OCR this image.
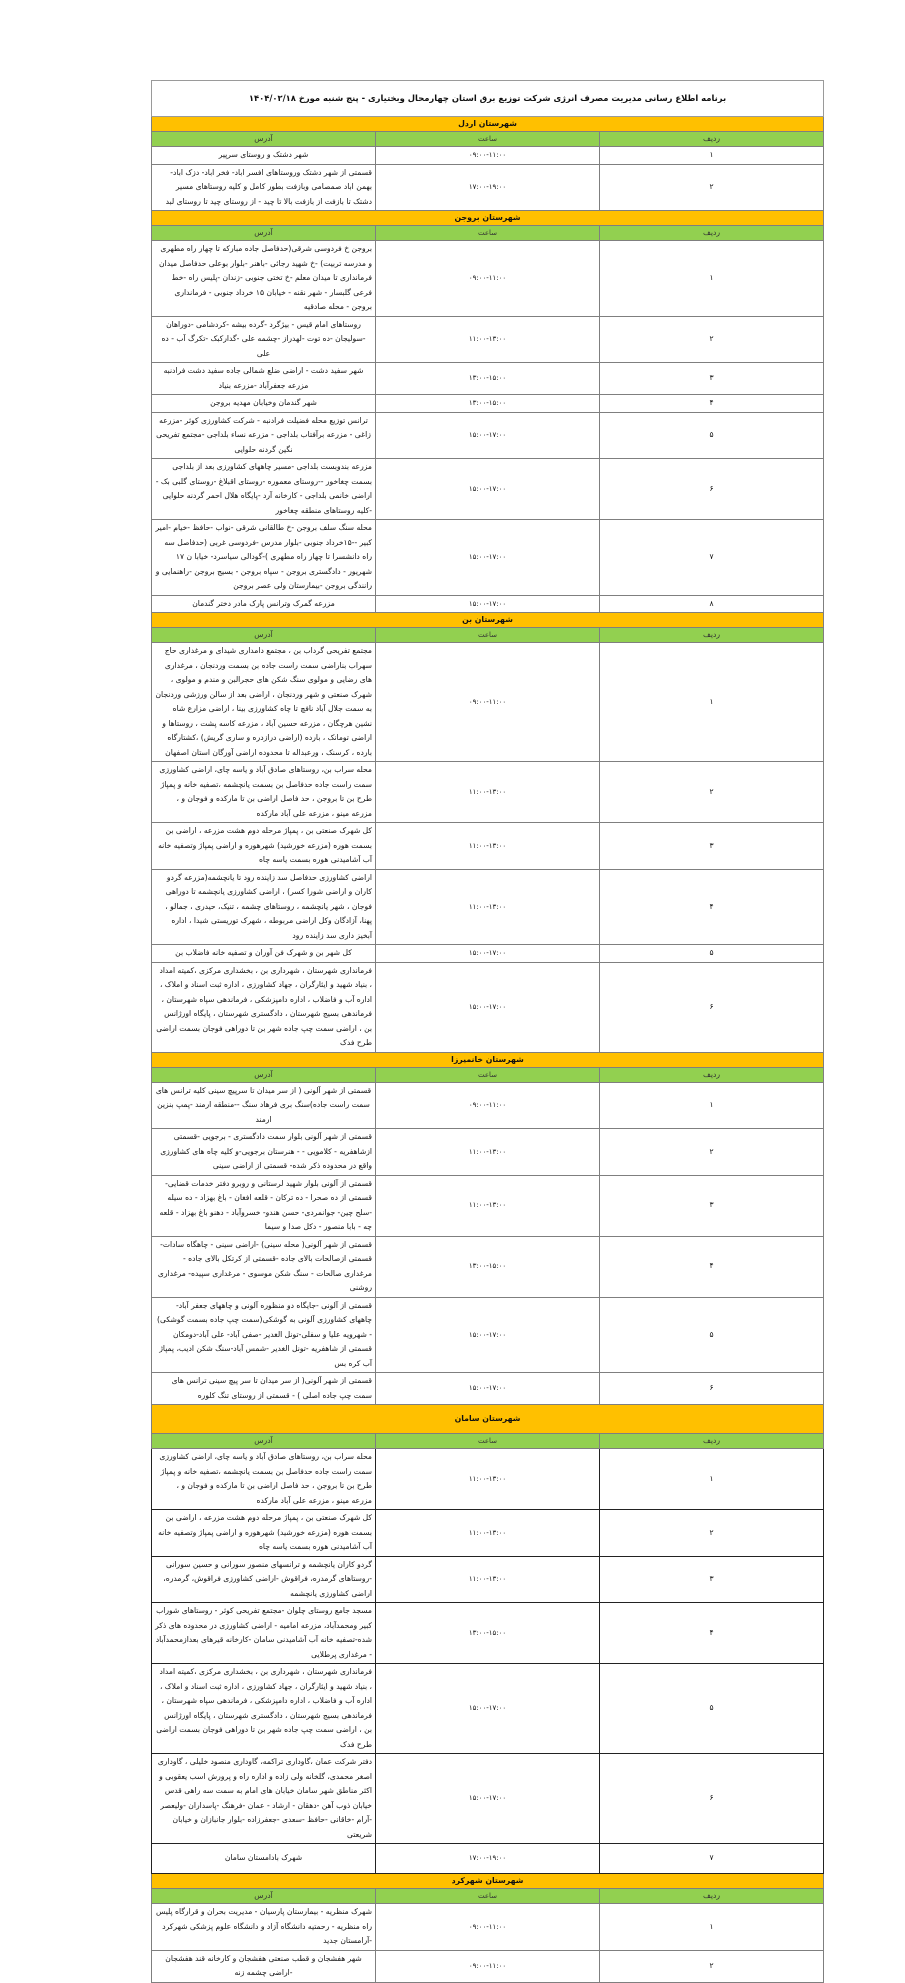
برنامه اطلاع رسانی مدیریت مصرف انرژی شرکت توزیع برق استان چهارمحال وبختیاری - پنج شنبه مورخ ۱۴۰۴/۰۲/۱۸		
شهرستان اردل		
ردیف	ساعت	آدرس
۱	۰۹:۰۰-۱۱:۰۰	شهر دشتک و روستای سرپیر
۲	۱۷:۰۰-۱۹:۰۰	قسمتی از شهر دشتک وروستاهای افسر اباد- فخر اباد- دزک اباد- بهمن اباد صمصامی وبازفت بطور کامل و کلیه روستاهای مسیر دشتک تا بازفت از بازفت بالا تا چید - از روستای چید تا روستای لبد
شهرستان بروجن		
ردیف	ساعت	آدرس
۱	۰۹:۰۰-۱۱:۰۰	بروجن خ فردوسی شرقی(حدفاصل جاده مبارکه تا چهار راه مطهری و مدرسه تربیت) -خ شهید رجائی -باهنر -بلوار بوعلی حدفاصل میدان فرمانداری تا میدان معلم -خ تختی جنوبی -زندان -پلیس راه -خط فرعی گلبسار - شهر نقنه - خیابان ۱۵ خرداد جنوبی - فرمانداری بروجن - محله صادقیه
۲	۱۱:۰۰-۱۳:۰۰	روستاهای امام قیس - بیژگرد -گرده بیشه -کردشامی -دوراهان -سولیجان -ده توت -لهدراز -چشمه علی -گدارکبک -تکرگ آب - ده علی
۳	۱۳:۰۰-۱۵:۰۰	شهر سفید دشت - اراضی ضلع شمالی جاده سفید دشت فرادنبه مزرعه جعفرآباد -مزرعه بنیاد
۴	۱۳:۰۰-۱۵:۰۰	شهر گندمان وخیابان مهدیه بروجن
۵	۱۵:۰۰-۱۷:۰۰	ترانس توزیع محله فضیلت فرادنبه - شرکت کشاورزی کوثر -مزرعه زاغی - مزرعه برآفتاب بلداجی - مزرعه نساء بلداجی -مجتمع تفریحی نگین گردنه حلوایی
۶	۱۵:۰۰-۱۷:۰۰	مزرعه بندوبست بلداجی -مسیر چاههای کشاورزی بعد از بلداجی بسمت چغاخور --روستای معموره -روستای اقبلاغ -روستای گلبی بک - اراضی خانمی بلداجی - کارخانه آرد -پایگاه هلال احمر گردنه حلوایی -کلیه روستاهای منطقه چغاخور
۷	۱۵:۰۰-۱۷:۰۰	محله سنگ سلف بروجن -خ طالقانی شرقی -نواب -حافظ -خیام -امیر کبیر --۱۵خرداد جنوبی -بلوار مدرس -فردوسی غربی (حدفاصل سه راه دانشسرا تا چهار راه مطهری )-گودالی سیاسرد- خیابا ن ۱۷ شهریور - دادگستری بروجن - سپاه بروجن - بسیج بروجن -راهنمایی و رانندگی بروجن -بیمارستان ولی عصر بروجن
۸	۱۵:۰۰-۱۷:۰۰	مزرعه گمرک وترانس پارک مادر دختر گندمان
شهرستان بن		
ردیف	ساعت	آدرس
۱	۰۹:۰۰-۱۱:۰۰	مجتمع تفریحی گرداب بن ، مجتمع دامداری شیدای و مرغداری حاج سهراب بناراضی سمت راست جاده بن بسمت وردنجان ، مرغداری های رضایی و مولوی سنگ شکن های حجرالبن و مندم و مولوی ، شهرک صنعتی و شهر وردنجان ، اراضی بعد از سالن ورزشی وردنجان به سمت جلال آباد نافچ تا چاه کشاورزی بینا ، اراضی مزارع شاه نشین هرچگان ، مزرعه حسین آباد ، مزرعه کاسه پشت ، روستاها و اراضی تومانک ، بارده (اراضی درازدره و ساری گریش) ،کشتارگاه بارده ، کرسنک ، ورعبداله تا محدوده اراضی آورگان استان اصفهان
۲	۱۱:۰۰-۱۳:۰۰	محله سراب بن، روستاهای صادق آباد و یاسه چای، اراضی کشاورزی سمت راست جاده حدفاصل بن بسمت یانچشمه ،تصفیه خانه و پمپاژ طرح بن تا بروجن ، حد فاصل اراضی بن تا مارکده و فوجان و ، مزرعه مینو ، مزرعه علی آباد مارکده
۳	۱۱:۰۰-۱۳:۰۰	کل شهرک صنعتی بن ، پمپاژ مرحله دوم هشت مزرعه ، اراضی بن بسمت هوره (مزرعه خورشید) شهرهوره و اراضی پمپاژ وتصفیه خانه آب آشامیدنی هوره بسمت یاسه چاه
۴	۱۱:۰۰-۱۳:۰۰	اراضی کشاورزی حدفاصل سد زاینده رود تا یانچشمه(مزرعه گردو کاران و اراضی شورا کسر) ، اراضی کشاورزی یانچشمه تا دوراهی فوجان ، شهر یانچشمه ، روستاهای چشمه ، تنیک، حیدری ، جمالو ، پهنا، آزادگان وکل اراضی مربوطه ، شهرک توریستی شیدا ، اداره آبخیز داری سد زاینده رود
۵	۱۵:۰۰-۱۷:۰۰	کل شهر بن و شهرک فن آوران و تصفیه خانه فاضلاب بن
۶	۱۵:۰۰-۱۷:۰۰	فرمانداری شهرستان ، شهرداری بن ، بخشداری مرکزی ،کمیته امداد ، بنیاد شهید و ایثارگران ، جهاد کشاورزی ، اداره ثبت اسناد و املاک ، اداره آب و فاضلاب ، اداره دامپزشکی ، فرماندهی سپاه شهرستان ، فرماندهی بسیج شهرستان ، دادگستری شهرستان ، پایگاه اورژانس بن ، اراضی سمت چپ جاده شهر بن تا دوراهی فوجان بسمت اراضی طرح فدک
شهرستان خانمیرزا		
ردیف	ساعت	آدرس
۱	۰۹:۰۰-۱۱:۰۰	قسمتی از شهر آلونی ( از سر میدان تا سرپیچ سینی کلیه ترانس های سمت راست جاده)سنگ بری فرهاد سنگ --منطقه ارمند -پمپ بنزین ارمند
۲	۱۱:۰۰-۱۳:۰۰	قسمتی از شهر آلونی بلوار سمت دادگستری - برجویی -قسمتی ازشاهفریه - کلامویی - - هنرستان برجویی-و کلیه چاه های کشاورزی واقع در محدوده ذکر شده- قسمتی از اراضی سینی
۳	۱۱:۰۰-۱۳:۰۰	قسمتی از آلونی بلوار شهید لرستانی و روبرو دفتر خدمات قضایی-قسمتی از ده صحرا - ده ترکان - قلعه افغان - باغ بهزاد - ده سیله -سلح چین- جوانمردی- حسن هندو- خسروآباد - دهنو باغ بهزاد - قلعه چه - بابا منصور - دکل صدا و سیما
۴	۱۳:۰۰-۱۵:۰۰	قسمتی از شهر آلونی( محله سینی) -اراضی سینی - چاهگاه سادات- قسمتی ازصالحات بالای جاده -قسمتی از کرتکل بالای جاده - مرغداری صالحات - سنگ شکن موسوی - مرغداری سپیده- مرغداری روشنی
۵	۱۵:۰۰-۱۷:۰۰	قسمتی از آلونی -جایگاه دو منظوره آلونی و چاههای جعفر آباد- چاههای کشاورزی آلونی به گوشکی(سمت چپ جاده بسمت گوشکی) - شهرویه علیا و سفلی-تونل الغدیر -صفی آباد- علی آباد-دومکان قسمتی از شاهفریه -تونل الغدیر -شمس آباد-سنگ شکن ادیب، پمپاژ آب کره بس
۶	۱۵:۰۰-۱۷:۰۰	قسمتی از شهر آلونی( از سر میدان تا سر پیچ سینی ترانس های سمت چپ جاده اصلی ) - قسمتی از روستای تنگ کلوره
شهرستان سامان		
ردیف	ساعت	آدرس
۱	۱۱:۰۰-۱۳:۰۰	محله سراب بن، روستاهای صادق آباد و یاسه چای، اراضی کشاورزی سمت راست جاده حدفاصل بن بسمت یانچشمه ،تصفیه خانه و پمپاژ طرح بن تا بروجن ، حد فاصل اراضی بن تا مارکده و فوجان و ، مزرعه مینو ، مزرعه علی آباد مارکده
۲	۱۱:۰۰-۱۳:۰۰	کل شهرک صنعتی بن ، پمپاژ مرحله دوم هشت مزرعه ، اراضی بن بسمت هوره (مزرعه خورشید) شهرهوره و اراضی پمپاژ وتصفیه خانه آب آشامیدنی هوره بسمت یاسه چاه
۳	۱۱:۰۰-۱۳:۰۰	گردو کاران یانچشمه و ترانسهای منصور سورانی و حسین سورانی -روستاهای گرمدره، فراقوش -اراضی کشاورزی فراقوش، گرمدره، اراضی کشاورزی یانچشمه
۴	۱۳:۰۰-۱۵:۰۰	مسجد جامع روستای چلوان -مجتمع تفریحی کوثر - روستاهای شوراب کبیر ومحمدآباد، مزرعه امامیه - اراضی کشاورزی در محدوده های ذکر شده-تصفیه خانه آب آشامیدنی سامان -کارخانه قیرهای بعدازمحمدآباد - مرغداری پرطلایی
۵	۱۵:۰۰-۱۷:۰۰	فرمانداری شهرستان ، شهرداری بن ، بخشداری مرکزی ،کمیته امداد ، بنیاد شهید و ایثارگران ، جهاد کشاورزی ، اداره ثبت اسناد و املاک ، اداره آب و فاضلاب ، اداره دامپزشکی ، فرماندهی سپاه شهرستان ، فرماندهی بسیج شهرستان ، دادگستری شهرستان ، پایگاه اورژانس بن ، اراضی سمت چپ جاده شهر بن تا دوراهی فوجان بسمت اراضی طرح فدک
۶	۱۵:۰۰-۱۷:۰۰	دفتر شرکت عمان ،گاوداری تراکمه، گاوداری منصود خلیلی ، گاوداری اصغر محمدی، گلخانه ولی زاده و اداره راه و پرورش اسب یعقوبی و اکثر مناطق شهر سامان خیابان های امام به سمت سه راهی قدس خیابان ذوب آهن -دهقان - ارشاد - عمان -فرهنگ -پاسداران -ولیعصر -آرام -خاقانی -حافظ -سعدی -جعفرزاده -بلوار جانبازان و خیابان شریعتی
۷	۱۷:۰۰-۱۹:۰۰	شهرک بادامستان سامان
شهرستان شهرکرد		
ردیف	ساعت	آدرس
۱	۰۹:۰۰-۱۱:۰۰	شهرک منظریه - بیمارستان پارسیان - مدیریت بحران و قرارگاه پلیس راه منظریه - رحمتیه دانشگاه آزاد و دانشگاه علوم پزشکی شهرکرد -آرامستان جدید
۲	۰۹:۰۰-۱۱:۰۰	شهر هفشجان و قطب صنعتی هفشجان و کارخانه قند هفشجان -اراضی چشمه زنه
